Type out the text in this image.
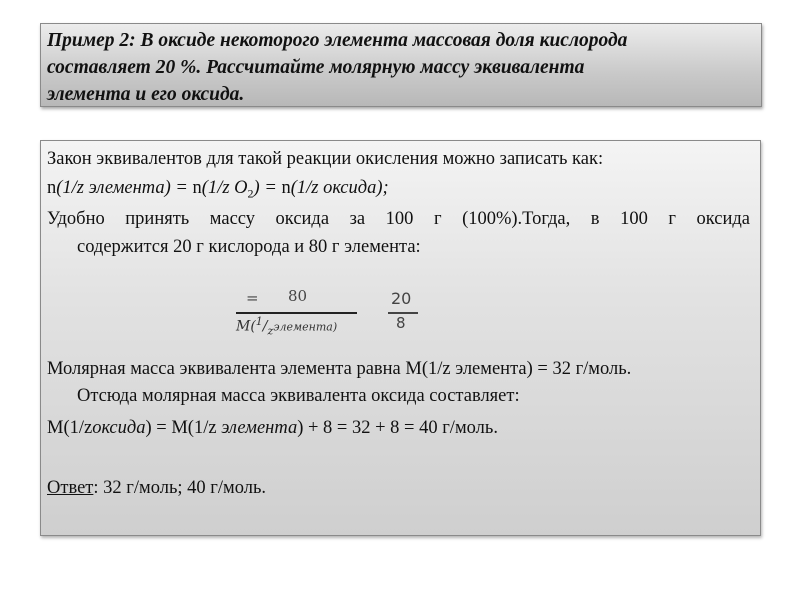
Пример 2: В оксиде некоторого элемента массовая доля кислорода

составляет 20 %. Рассчитайте молярную массу эквивалента

элемента и его оксида.

Закон эквивалентов для такой реакции окисления можно записать как:
n(1/z элемента) = n(1/z $O_2) = n(1/z$ оксида);
Удобно принять массу оксида за 100 г (100%).Тогда, в 100 г оксида
содержится 20 г кислорода и 80 г элемента:
= 80
$M(^1/_zэлемента)$
20
8
Молярная масса эквивалента элемента равна М(1/z элемента) = 32 г/моль.
Отсюда молярная масса эквивалента оксида составляет:
М(1/zоксида) = М(1/z элемента) + 8 = 32 + 8 = 40 г/моль.
Ответ: 32 г/моль; 40 г/моль.
